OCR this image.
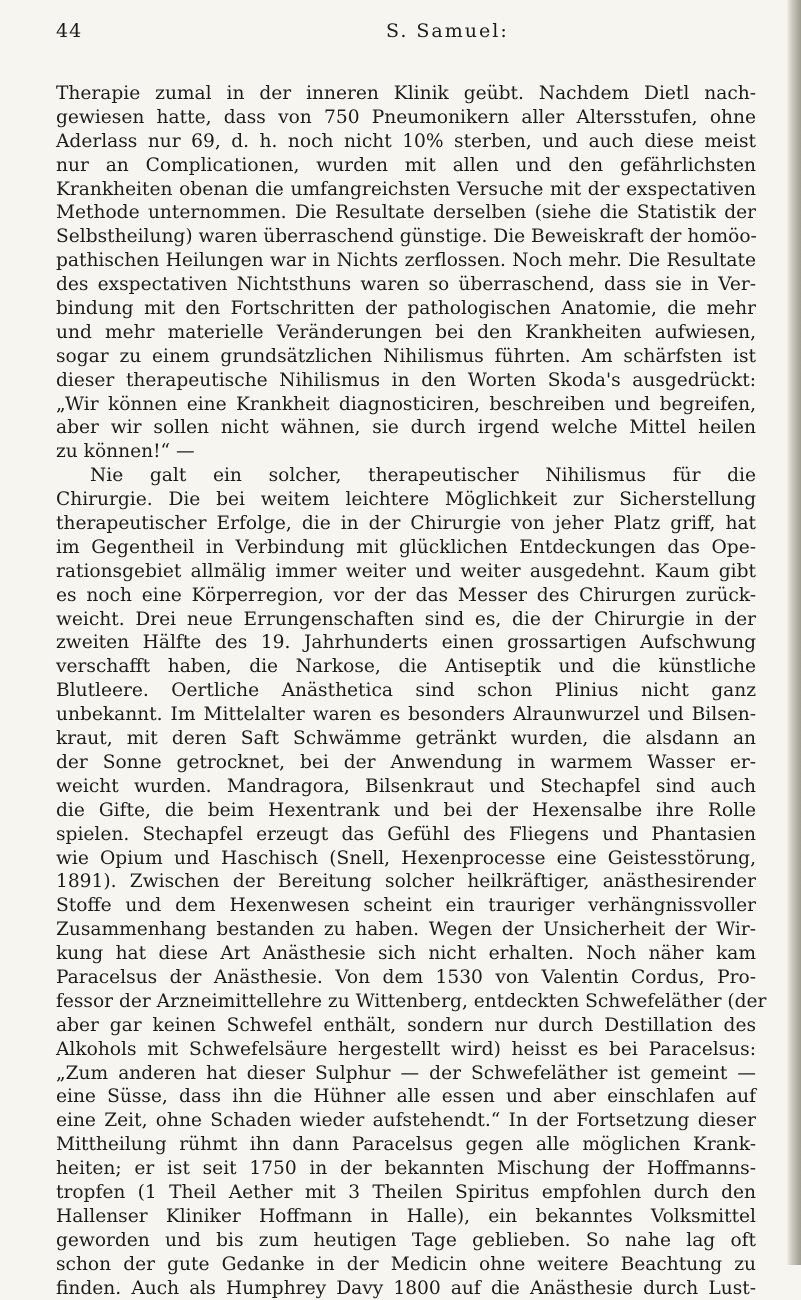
44	S. Samuel:
Therapie zumal in der inneren Klinik geübt. Nachdem Dietl nach-
gewiesen hatte, dass von 750 Pneumonikern aller Altersstufen, ohne
Aderlass nur 69, d. h. noch nicht 10% sterben, und auch diese meist
nur an Complicationen, wurden mit allen und den gefährlichsten
Krankheiten obenan die umfangreichsten Versuche mit der exspectativen
Methode unternommen. Die Resultate derselben (siehe die Statistik der
Selbstheilung) waren überraschend günstige. Die Beweiskraft der homöo-
pathischen Heilungen war in Nichts zerflossen. Noch mehr. Die Resultate
des exspectativen Nichtsthuns waren so überraschend, dass sie in Ver-
bindung mit den Fortschritten der pathologischen Anatomie, die mehr
und mehr materielle Veränderungen bei den Krankheiten aufwiesen,
sogar zu einem grundsätzlichen Nihilismus führten. Am schärfsten ist
dieser therapeutische Nihilismus in den Worten Skoda's ausgedrückt:
„Wir können eine Krankheit diagnosticiren, beschreiben und begreifen,
aber wir sollen nicht wähnen, sie durch irgend welche Mittel heilen
zu können!“ —
Nie galt ein solcher, therapeutischer Nihilismus für die
Chirurgie. Die bei weitem leichtere Möglichkeit zur Sicherstellung
therapeutischer Erfolge, die in der Chirurgie von jeher Platz griff, hat
im Gegentheil in Verbindung mit glücklichen Entdeckungen das Ope-
rationsgebiet allmälig immer weiter und weiter ausgedehnt. Kaum gibt
es noch eine Körperregion, vor der das Messer des Chirurgen zurück-
weicht. Drei neue Errungenschaften sind es, die der Chirurgie in der
zweiten Hälfte des 19. Jahrhunderts einen grossartigen Aufschwung
verschafft haben, die Narkose, die Antiseptik und die künstliche
Blutleere. Oertliche Anästhetica sind schon Plinius nicht ganz
unbekannt. Im Mittelalter waren es besonders Alraunwurzel und Bilsen-
kraut, mit deren Saft Schwämme getränkt wurden, die alsdann an
der Sonne getrocknet, bei der Anwendung in warmem Wasser er-
weicht wurden. Mandragora, Bilsenkraut und Stechapfel sind auch
die Gifte, die beim Hexentrank und bei der Hexensalbe ihre Rolle
spielen. Stechapfel erzeugt das Gefühl des Fliegens und Phantasien
wie Opium und Haschisch (Snell, Hexenprocesse eine Geistesstörung,
1891). Zwischen der Bereitung solcher heilkräftiger, anästhesirender
Stoffe und dem Hexenwesen scheint ein trauriger verhängnissvoller
Zusammenhang bestanden zu haben. Wegen der Unsicherheit der Wir-
kung hat diese Art Anästhesie sich nicht erhalten. Noch näher kam
Paracelsus der Anästhesie. Von dem 1530 von Valentin Cordus, Pro-
fessor der Arzneimittellehre zu Wittenberg, entdeckten Schwefeläther (der
aber gar keinen Schwefel enthält, sondern nur durch Destillation des
Alkohols mit Schwefelsäure hergestellt wird) heisst es bei Paracelsus:
„Zum anderen hat dieser Sulphur — der Schwefeläther ist gemeint —
eine Süsse, dass ihn die Hühner alle essen und aber einschlafen auf
eine Zeit, ohne Schaden wieder aufstehendt.“ In der Fortsetzung dieser
Mittheilung rühmt ihn dann Paracelsus gegen alle möglichen Krank-
heiten; er ist seit 1750 in der bekannten Mischung der Hoffmanns-
tropfen (1 Theil Aether mit 3 Theilen Spiritus empfohlen durch den
Hallenser Kliniker Hoffmann in Halle), ein bekanntes Volksmittel
geworden und bis zum heutigen Tage geblieben. So nahe lag oft
schon der gute Gedanke in der Medicin ohne weitere Beachtung zu
finden. Auch als Humphrey Davy 1800 auf die Anästhesie durch Lust-
